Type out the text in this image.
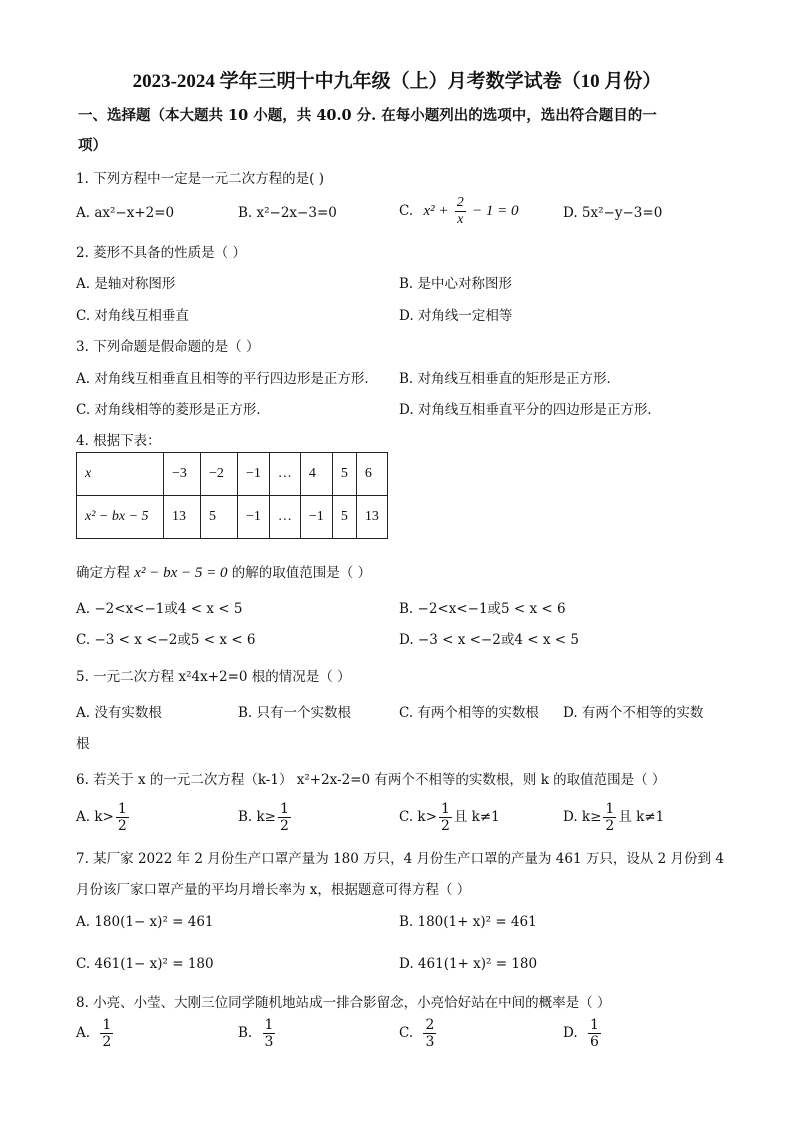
2023-2024 学年三明十中九年级（上）月考数学试卷（10 月份）
一、选择题（本大题共 10 小题，共 40.0 分. 在每小题列出的选项中，选出符合题目的一
项）
1. 下列方程中一定是一元二次方程的是( )
A. ax²−x+2=0	B. x²−2x−3=0	C. $x^2 + \frac{2}{x} - 1 = 0$	D. 5x²−y−3=0
2. 菱形不具备的性质是（ ）
A. 是轴对称图形	B. 是中心对称图形
C. 对角线互相垂直	D. 对角线一定相等
3. 下列命题是假命题的是（ ）
A. 对角线互相垂直且相等的平行四边形是正方形． B. 对角线互相垂直的矩形是正方形．
C. 对角线相等的菱形是正方形．	D. 对角线互相垂直平分的四边形是正方形．
4. 根据下表：
x	−3	−2	−1	…	4	5	6
x² − bx − 5	13	5	−1	…	−1	5	13
确定方程 x² − bx − 5 = 0 的解的取值范围是（ ）
A. −2<x<−1或4 < x < 5	B. −2<x<−1或5 < x < 6
C. −3 < x <−2或5 < x < 6	D. −3 < x <−2或4 < x < 5
5. 一元二次方程 x²4x+2=0 根的情况是（ ）
A. 没有实数根	B. 只有一个实数根	C. 有两个相等的实数根 D. 有两个不相等的实数
根
6. 若关于 x 的一元二次方程（k-1） x²+2x-2=0 有两个不相等的实数根，则 k 的取值范围是（ ）
A. $k> \frac{1}{2}$	B. $k\ge \frac{1}{2}$	C. $k> \frac{1}{2}$ 且 k≠1	D. $k\ge \frac{1}{2}$ 且 k≠1
7. 某厂家 2022 年 2 月份生产口罩产量为 180 万只，4 月份生产口罩的产量为 461 万只，设从 2 月份到 4
月份该厂家口罩产量的平均月增长率为 x，根据题意可得方程（ ）
A. 180(1− x)² = 461	B. 180(1+ x)² = 461
C. 461(1− x)² = 180	D. 461(1+ x)² = 180
8. 小亮、小莹、大刚三位同学随机地站成一排合影留念，小亮恰好站在中间的概率是（ ）
A. $\frac{1}{2}$	B. $\frac{1}{3}$	C. $\frac{2}{3}$	D. $\frac{1}{6}$
